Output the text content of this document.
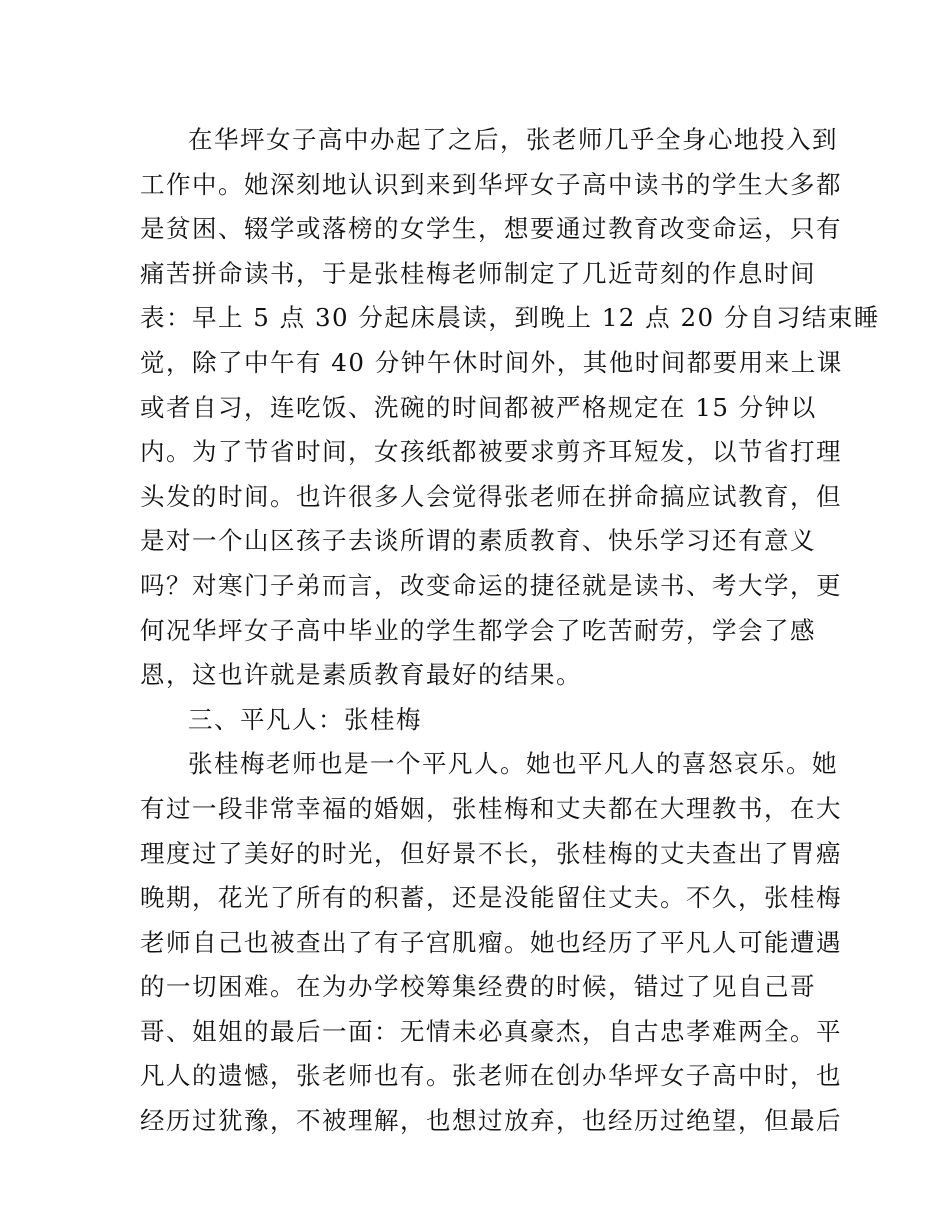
在华坪女子高中办起了之后，张老师几乎全身心地投入到
工作中。她深刻地认识到来到华坪女子高中读书的学生大多都
是贫困、辍学或落榜的女学生，想要通过教育改变命运，只有
痛苦拼命读书，于是张桂梅老师制定了几近苛刻的作息时间
表：早上 5 点 30 分起床晨读，到晚上 12 点 20 分自习结束睡
觉，除了中午有 40 分钟午休时间外，其他时间都要用来上课
或者自习，连吃饭、洗碗的时间都被严格规定在 15 分钟以
内。为了节省时间，女孩纸都被要求剪齐耳短发，以节省打理
头发的时间。也许很多人会觉得张老师在拼命搞应试教育，但
是对一个山区孩子去谈所谓的素质教育、快乐学习还有意义
吗？对寒门子弟而言，改变命运的捷径就是读书、考大学，更
何况华坪女子高中毕业的学生都学会了吃苦耐劳，学会了感
恩，这也许就是素质教育最好的结果。
三、平凡人：张桂梅
张桂梅老师也是一个平凡人。她也平凡人的喜怒哀乐。她
有过一段非常幸福的婚姻，张桂梅和丈夫都在大理教书，在大
理度过了美好的时光，但好景不长，张桂梅的丈夫查出了胃癌
晚期，花光了所有的积蓄，还是没能留住丈夫。不久，张桂梅
老师自己也被查出了有子宫肌瘤。她也经历了平凡人可能遭遇
的一切困难。在为办学校筹集经费的时候，错过了见自己哥
哥、姐姐的最后一面：无情未必真豪杰，自古忠孝难两全。平
凡人的遗憾，张老师也有。张老师在创办华坪女子高中时，也
经历过犹豫，不被理解，也想过放弃，也经历过绝望，但最后
